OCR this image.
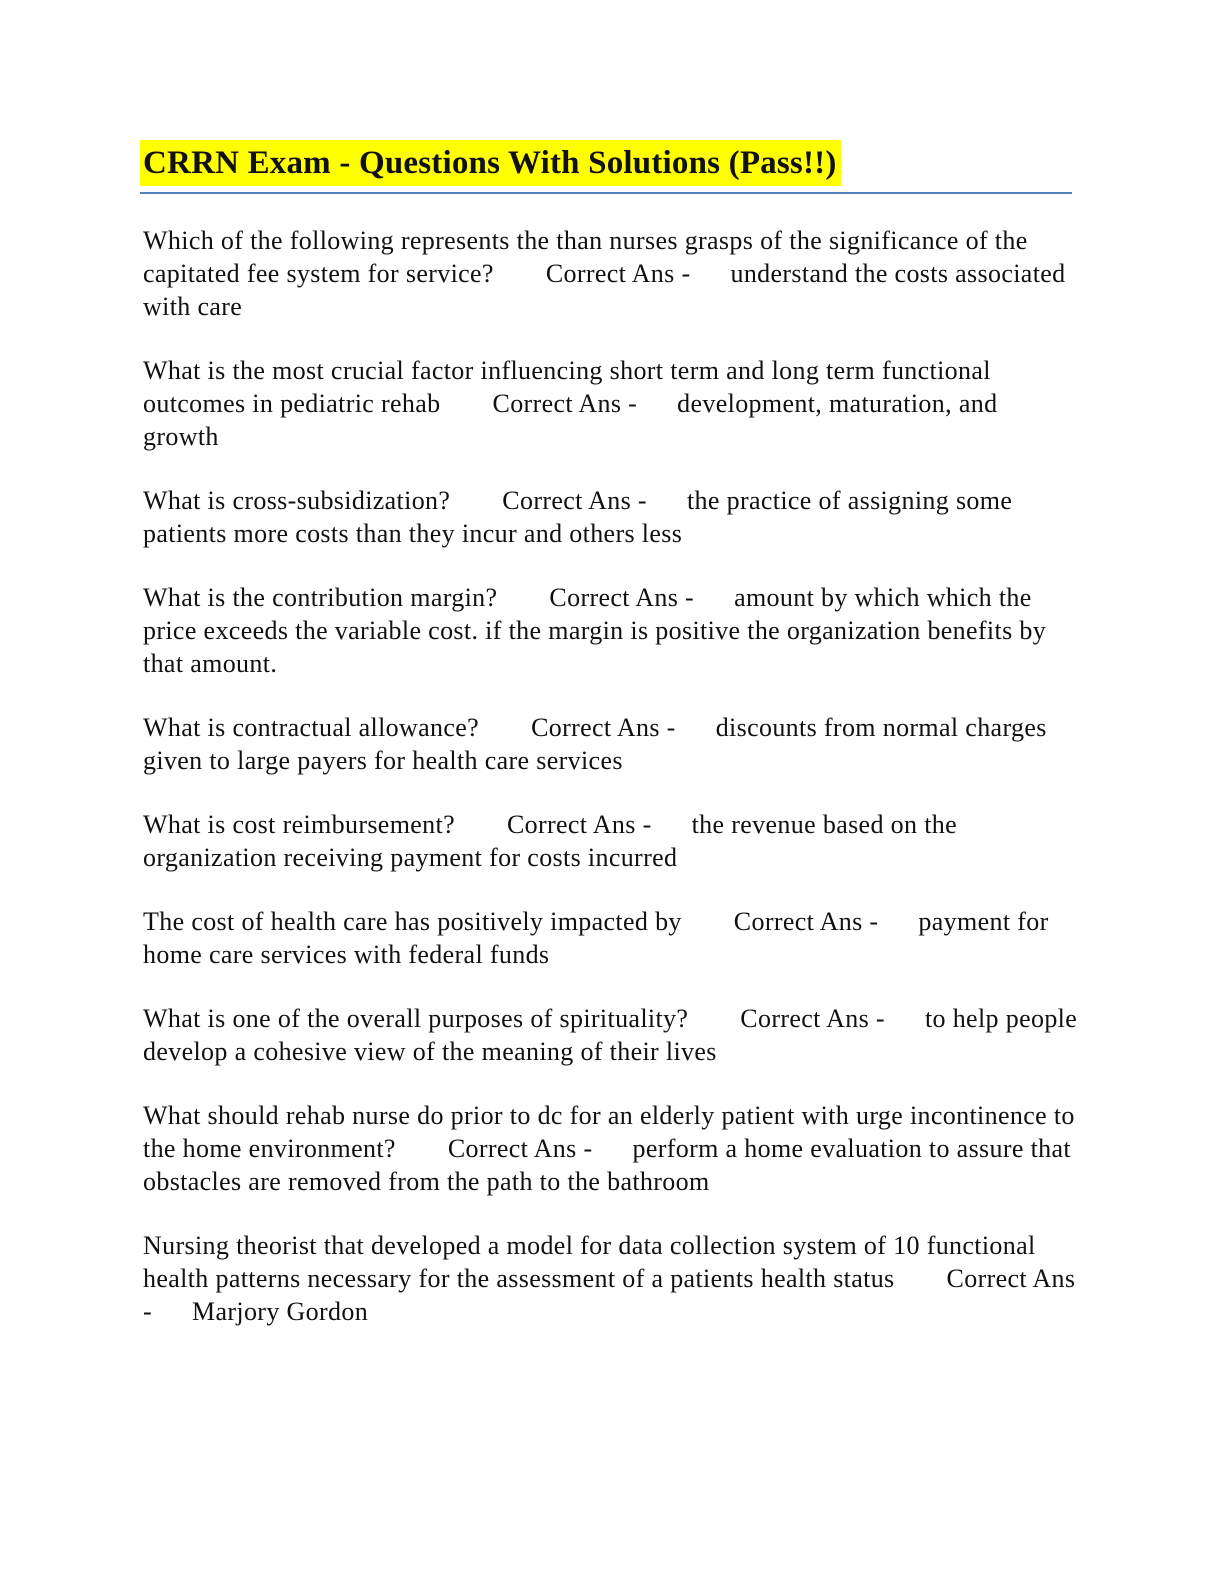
CRRN Exam - Questions With Solutions (Pass!!)

Which of the following represents the than nurses grasps of the significance of the capitated fee system for service? Correct Ans - understand the costs associated with care

What is the most crucial factor influencing short term and long term functional outcomes in pediatric rehab Correct Ans - development, maturation, and growth

What is cross-subsidization? Correct Ans - the practice of assigning some patients more costs than they incur and others less

What is the contribution margin? Correct Ans - amount by which which the price exceeds the variable cost. if the margin is positive the organization benefits by that amount.

What is contractual allowance? Correct Ans - discounts from normal charges given to large payers for health care services

What is cost reimbursement? Correct Ans - the revenue based on the organization receiving payment for costs incurred

The cost of health care has positively impacted by Correct Ans - payment for home care services with federal funds

What is one of the overall purposes of spirituality? Correct Ans - to help people develop a cohesive view of the meaning of their lives

What should rehab nurse do prior to dc for an elderly patient with urge incontinence to the home environment? Correct Ans - perform a home evaluation to assure that obstacles are removed from the path to the bathroom

Nursing theorist that developed a model for data collection system of 10 functional health patterns necessary for the assessment of a patients health status Correct Ans - Marjory Gordon
